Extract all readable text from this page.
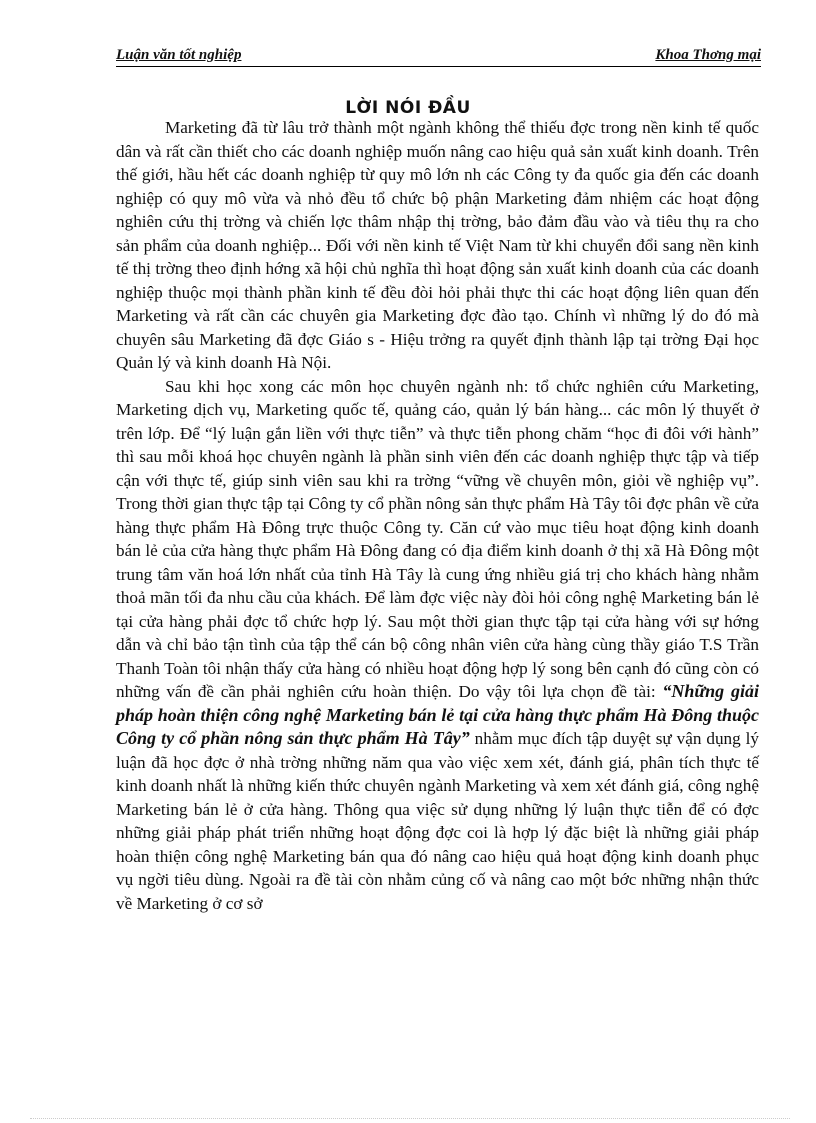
Luận văn tốt nghiệp	Khoa Thơng mại
LỜI NÓI ĐẦU

Marketing đã từ lâu trở thành một ngành không thể thiếu đợc trong nền kinh tế quốc dân và rất cần thiết cho các doanh nghiệp muốn nâng cao hiệu quả sản xuất kinh doanh. Trên thế giới, hầu hết các doanh nghiệp từ quy mô lớn nh các Công ty đa quốc gia đến các doanh nghiệp có quy mô vừa và nhỏ đều tổ chức bộ phận Marketing đảm nhiệm các hoạt động nghiên cứu thị trờng và chiến lợc thâm nhập thị trờng, bảo đảm đầu vào và tiêu thụ ra cho sản phẩm của doanh nghiệp... Đối với nền kinh tế Việt Nam từ khi chuyển đổi sang nền kinh tế thị trờng theo định hớng xã hội chủ nghĩa thì hoạt động sản xuất kinh doanh của các doanh nghiệp thuộc mọi thành phần kinh tế đều đòi hỏi phải thực thi các hoạt động liên quan đến Marketing và rất cần các chuyên gia Marketing đợc đào tạo. Chính vì những lý do đó mà chuyên sâu Marketing đã đợc Giáo s - Hiệu trởng ra quyết định thành lập tại trờng Đại học Quản lý và kinh doanh Hà Nội.

Sau khi học xong các môn học chuyên ngành nh: tổ chức nghiên cứu Marketing, Marketing dịch vụ, Marketing quốc tế, quảng cáo, quản lý bán hàng... các môn lý thuyết ở trên lớp. Để “lý luận gắn liền với thực tiễn” và thực tiễn phong chăm “học đi đôi với hành” thì sau mỗi khoá học chuyên ngành là phần sinh viên đến các doanh nghiệp thực tập và tiếp cận với thực tế, giúp sinh viên sau khi ra trờng “vững về chuyên môn, giỏi về nghiệp vụ”. Trong thời gian thực tập tại Công ty cổ phần nông sản thực phẩm Hà Tây tôi đợc phân về cửa hàng thực phẩm Hà Đông trực thuộc Công ty. Căn cứ vào mục tiêu hoạt động kinh doanh bán lẻ của cửa hàng thực phẩm Hà Đông đang có địa điểm kinh doanh ở thị xã Hà Đông một trung tâm văn hoá lớn nhất của tỉnh Hà Tây là cung ứng nhiều giá trị cho khách hàng nhằm thoả mãn tối đa nhu cầu của khách. Để làm đợc việc này đòi hỏi công nghệ Marketing bán lẻ tại cửa hàng phải đợc tổ chức hợp lý. Sau một thời gian thực tập tại cửa hàng với sự hớng dẫn và chỉ bảo tận tình của tập thể cán bộ công nhân viên cửa hàng cùng thầy giáo T.S Trần Thanh Toàn tôi nhận thấy cửa hàng có nhiều hoạt động hợp lý song bên cạnh đó cũng còn có những vấn đề cần phải nghiên cứu hoàn thiện. Do vậy tôi lựa chọn đề tài: “Những giải pháp hoàn thiện công nghệ Marketing bán lẻ tại cửa hàng thực phẩm Hà Đông thuộc Công ty cổ phần nông sản thực phẩm Hà Tây” nhằm mục đích tập duyệt sự vận dụng lý luận đã học đợc ở nhà trờng những năm qua vào việc xem xét, đánh giá, phân tích thực tế kinh doanh nhất là những kiến thức chuyên ngành Marketing và xem xét đánh giá, công nghệ Marketing bán lẻ ở cửa hàng. Thông qua việc sử dụng những lý luận thực tiễn để có đợc những giải pháp phát triển những hoạt động đợc coi là hợp lý đặc biệt là những giải pháp hoàn thiện công nghệ Marketing bán qua đó nâng cao hiệu quả hoạt động kinh doanh phục vụ ngời tiêu dùng. Ngoài ra đề tài còn nhằm củng cố và nâng cao một bớc những nhận thức về Marketing ở cơ sở
